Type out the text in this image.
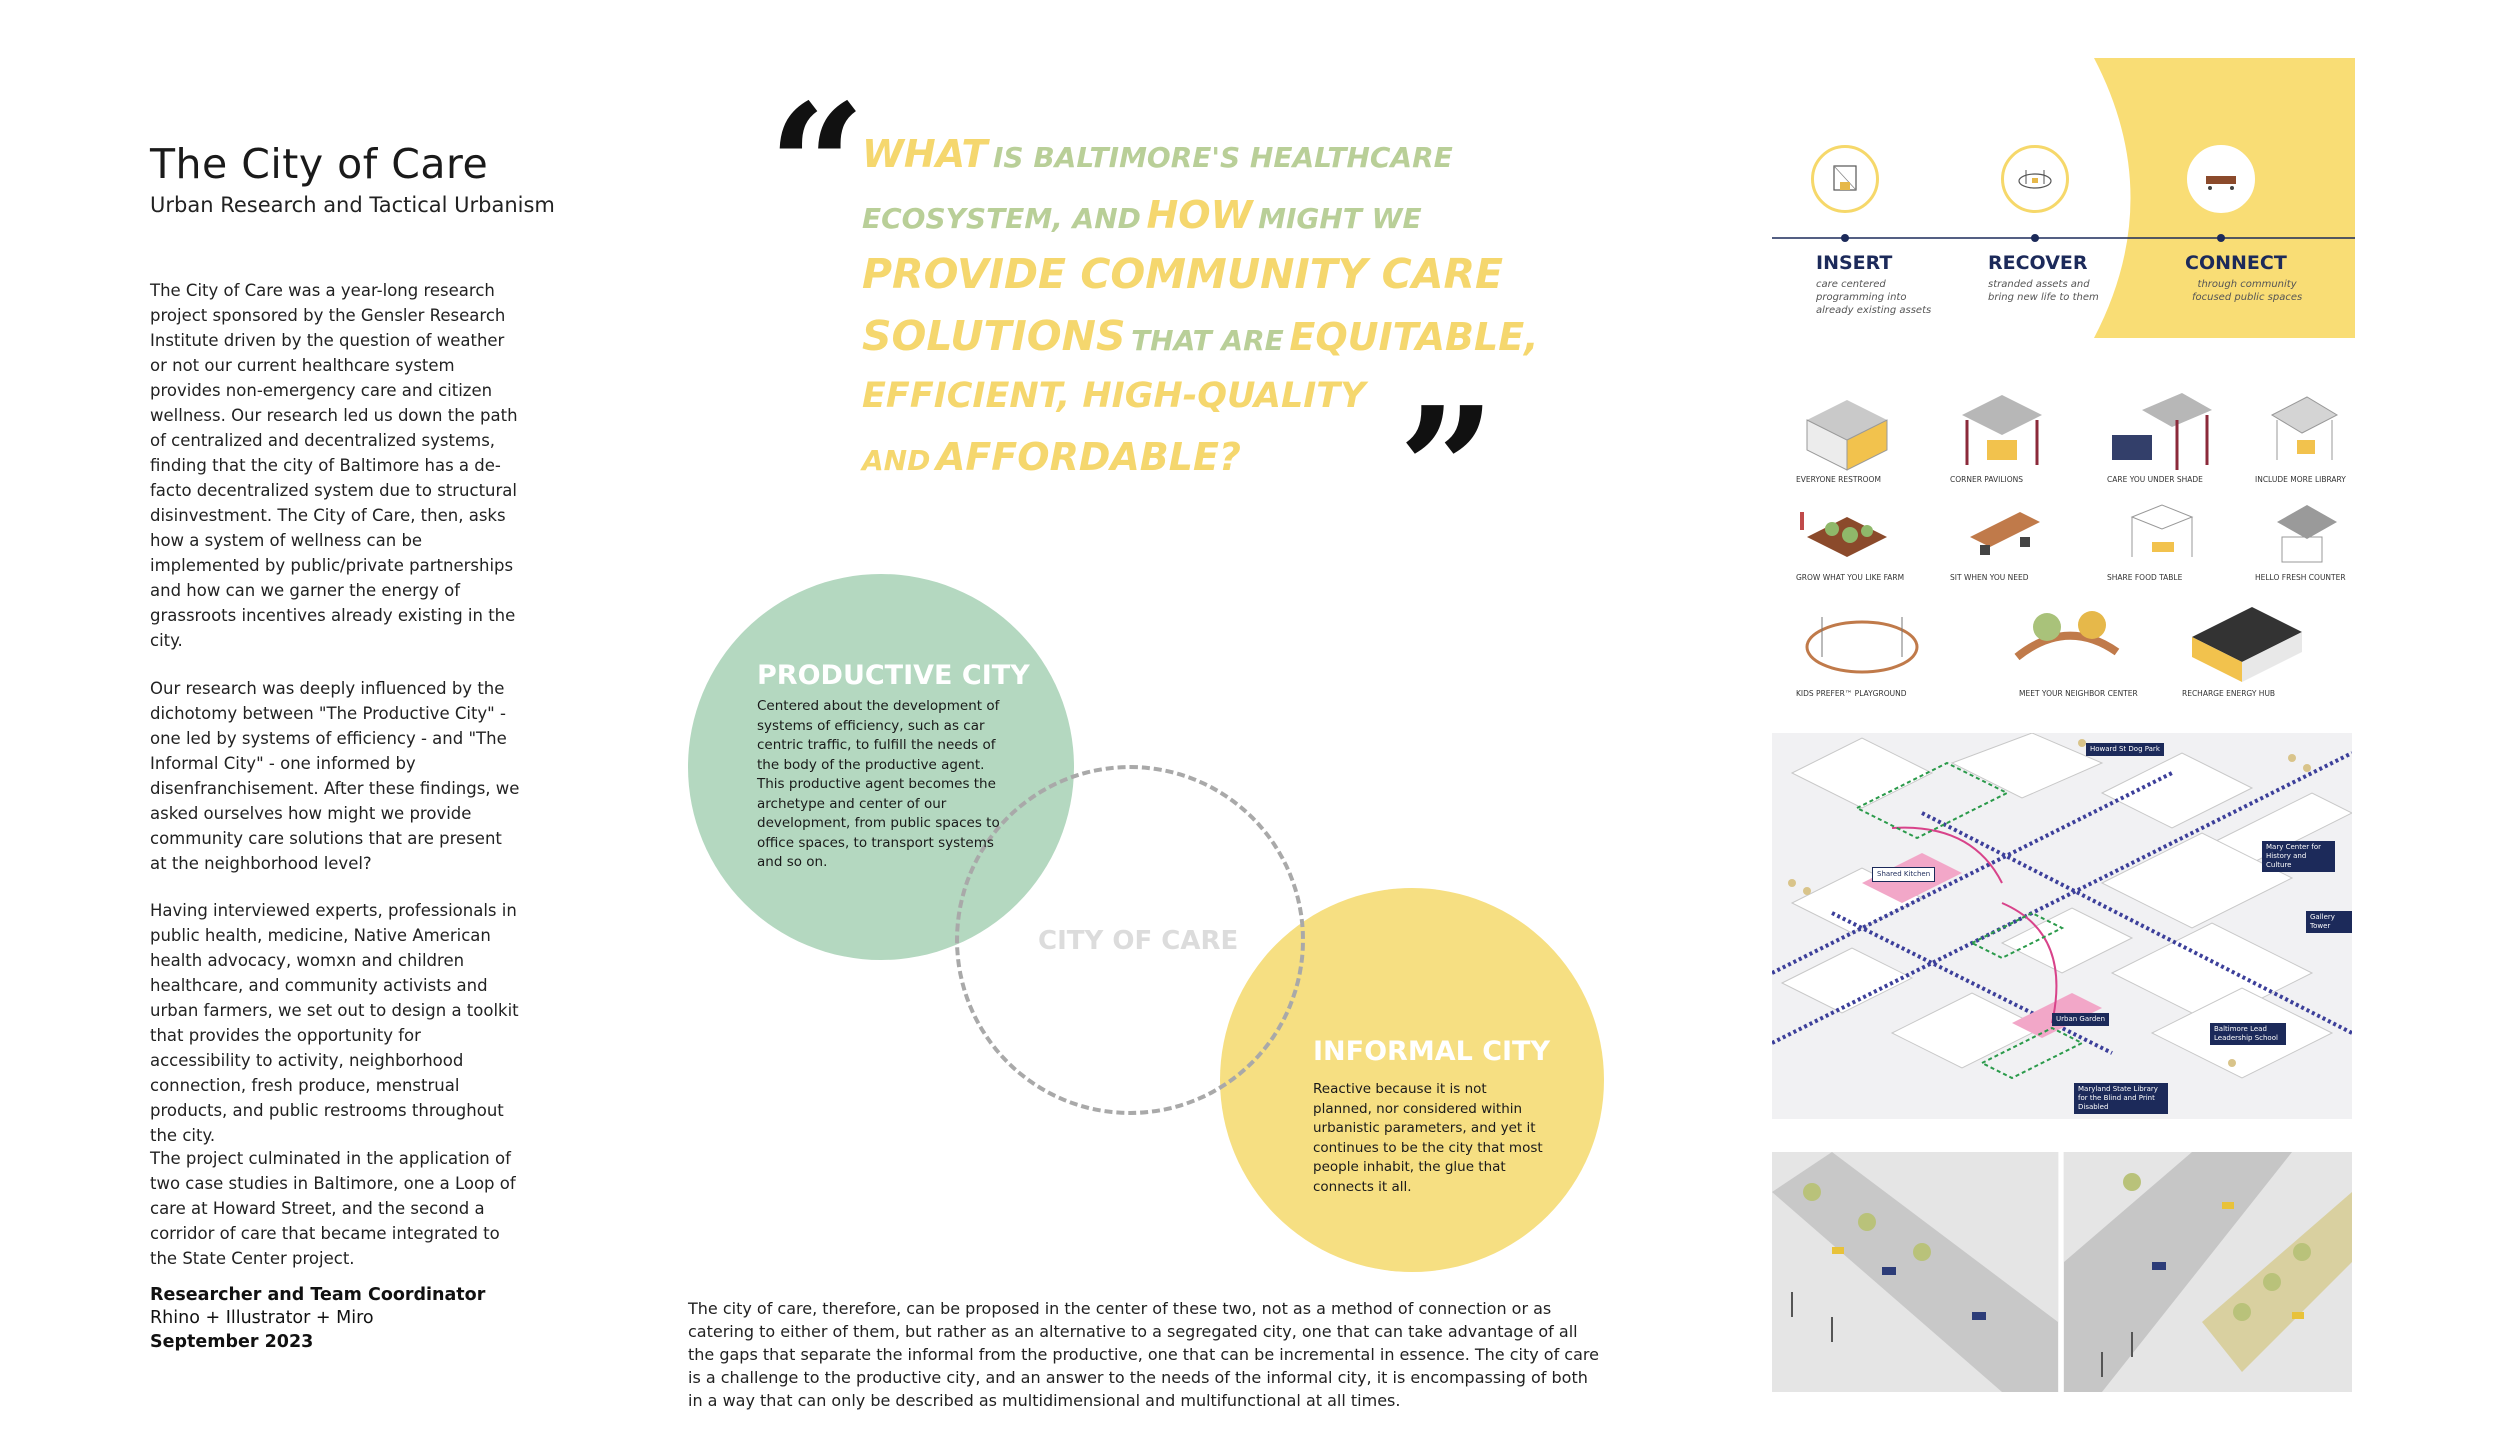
The City of Care
Urban Research and Tactical Urbanism
The City of Care was a year-long research project sponsored by the Gensler Research Institute driven by the question of weather or not our current healthcare system provides non-emergency care and citizen wellness. Our research led us down the path of centralized and decentralized systems, finding that the city of Baltimore has a de-facto decentralized system due to structural disinvestment. The City of Care, then, asks how a system of wellness can be implemented by public/private partnerships and how can we garner the energy of grassroots incentives already existing in the city.
Our research was deeply influenced by the dichotomy between "The Productive City" - one led by systems of efficiency - and "The Informal City" - one informed by disenfranchisement. After these findings, we asked ourselves how might we provide community care solutions that are present at the neighborhood level?
Having interviewed experts, professionals in public health, medicine, Native American health advocacy, womxn and children healthcare, and community activists and urban farmers, we set out to design a toolkit that provides the opportunity for accessibility to activity, neighborhood connection, fresh produce, menstrual products, and public restrooms throughout the city.
The project culminated in the application of two case studies in Baltimore, one a Loop of care at Howard Street, and the second a corridor of care that became integrated to the State Center project.
Researcher and Team Coordinator
Rhino + Illustrator + Miro
September 2023
“
WHAT IS BALTIMORE'S HEALTHCARE
ECOSYSTEM, AND HOW MIGHT WE
PROVIDE COMMUNITY CARE
SOLUTIONS THAT ARE EQUITABLE,
EFFICIENT, HIGH-QUALITY
AND AFFORDABLE? ”
PRODUCTIVE CITY
Centered about the development of systems of efficiency, such as car centric traffic, to fulfill the needs of the body of the productive agent. This productive agent becomes the archetype and center of our development, from public spaces to office spaces, to transport systems and so on.
CITY OF CARE
INFORMAL CITY
Reactive because it is not planned, nor considered within urbanistic parameters, and yet it continues to be the city that most people inhabit, the glue that connects it all.
The city of care, therefore, can be proposed in the center of these two, not as a method of connection or as catering to either of them, but rather as an alternative to a segregated city, one that can take advantage of all the gaps that separate the informal from the productive, one that can be incremental in essence. The city of care is a challenge to the productive city, and an answer to the needs of the informal city, it is encompassing of both in a way that can only be described as multidimensional and multifunctional at all times.
INSERT
care centered
programming into
already existing assets
RECOVER
stranded assets and
bring new life to them
CONNECT
through community
focused public spaces
EVERYONE RESTROOM	CORNER PAVILIONS	CARE YOU UNDER SHADE	INCLUDE MORE LIBRARY
GROW WHAT YOU LIKE FARM	SIT WHEN YOU NEED	SHARE FOOD TABLE	HELLO FRESH COUNTER
KIDS PREFER™ PLAYGROUND	MEET YOUR NEIGHBOR CENTER	RECHARGE ENERGY HUB
Howard St Dog Park
Mary Center for History and Culture
Gallery Tower
Shared Kitchen
Urban Garden
Baltimore Lead Leadership School
Maryland State Library for the Blind and Print Disabled
